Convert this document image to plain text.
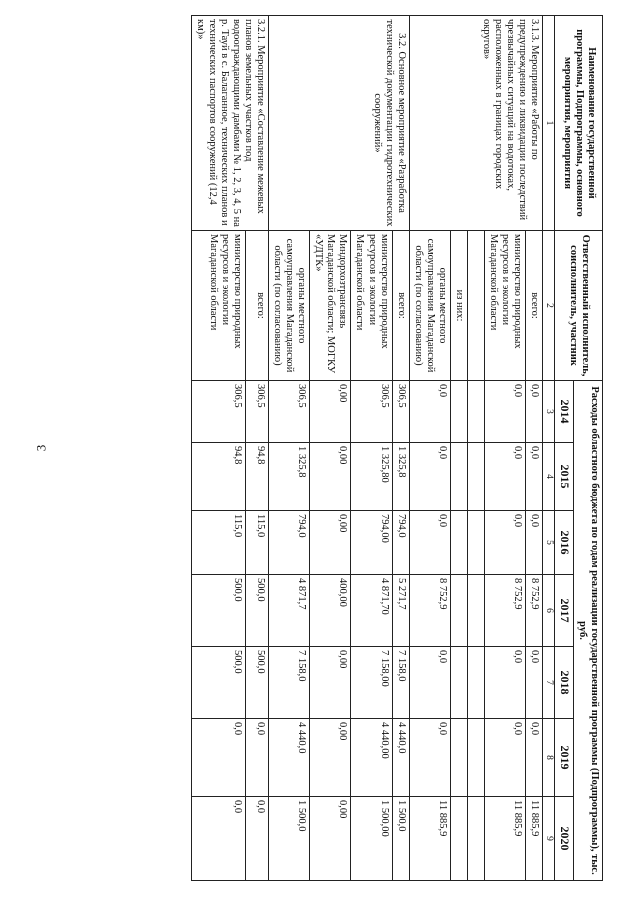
3
Наименование государственной программы, Подпрограммы, основного мероприятия, мероприятия	Ответственный исполнитель, соисполнитель, участник	Расходы областного бюджета по годам реализации государственной программы (Подпрограммы), тыс. руб.						
		2014	2015	2016	2017	2018	2019	2020
1	2	3	4	5	6	7	8	9
3.1.3. Мероприятие «Работы по предупреждению и ликвидации последствий чрезвычайных ситуаций на водотоках, расположенных в границах городских округов»	всего:	0,0	0,0	0,0	8 752,9	0,0	0,0	11 885,9
	министерство природных ресурсов и экологии Магаданской области	0,0	0,0	0,0	8 752,9	0,0	0,0	11 885,9

	из них:							
	органы местного самоуправления Магаданской области (по согласованию)	0,0	0,0	0,0	8 752,9	0,0	0,0	11 885,9
3.2. Основное мероприятие «Разработка технической документации гидротехнических сооружений»	всего:	306,5	1 325,8	794,0	5 271,7	7 158,0	4 440,0	1 500,0
	министерство природных ресурсов и экологии Магаданской области	306,5	1 325,80	794,00	4 871,70	7 158,00	4 440,00	1 500,00
	Миндорхозтрансвязь Магаданской области; МОГКУ «УДТК»	0,00	0,00	0,00	400,00	0,00	0,00	0,00
	органы местного самоуправления Магаданской области (по согласованию)	306,5	1 325,8	794,0	4 871,7	7 158,0	4 440,0	1 500,0
3.2.1. Мероприятие «Составление межевых планов земельных участков под водоограждающими дамбами № 1, 2, 3, 4, 5 на р. Тауй в с. Балаганное, технических планов и технических паспортов сооружений (12,4 км)»	всего:	306,5	94,8	115,0	500,0	500,0	0,0	0,0
	министерство природных ресурсов и экологии Магаданской области	306,5	94,8	115,0	500,0	500,0	0,0	0,0
